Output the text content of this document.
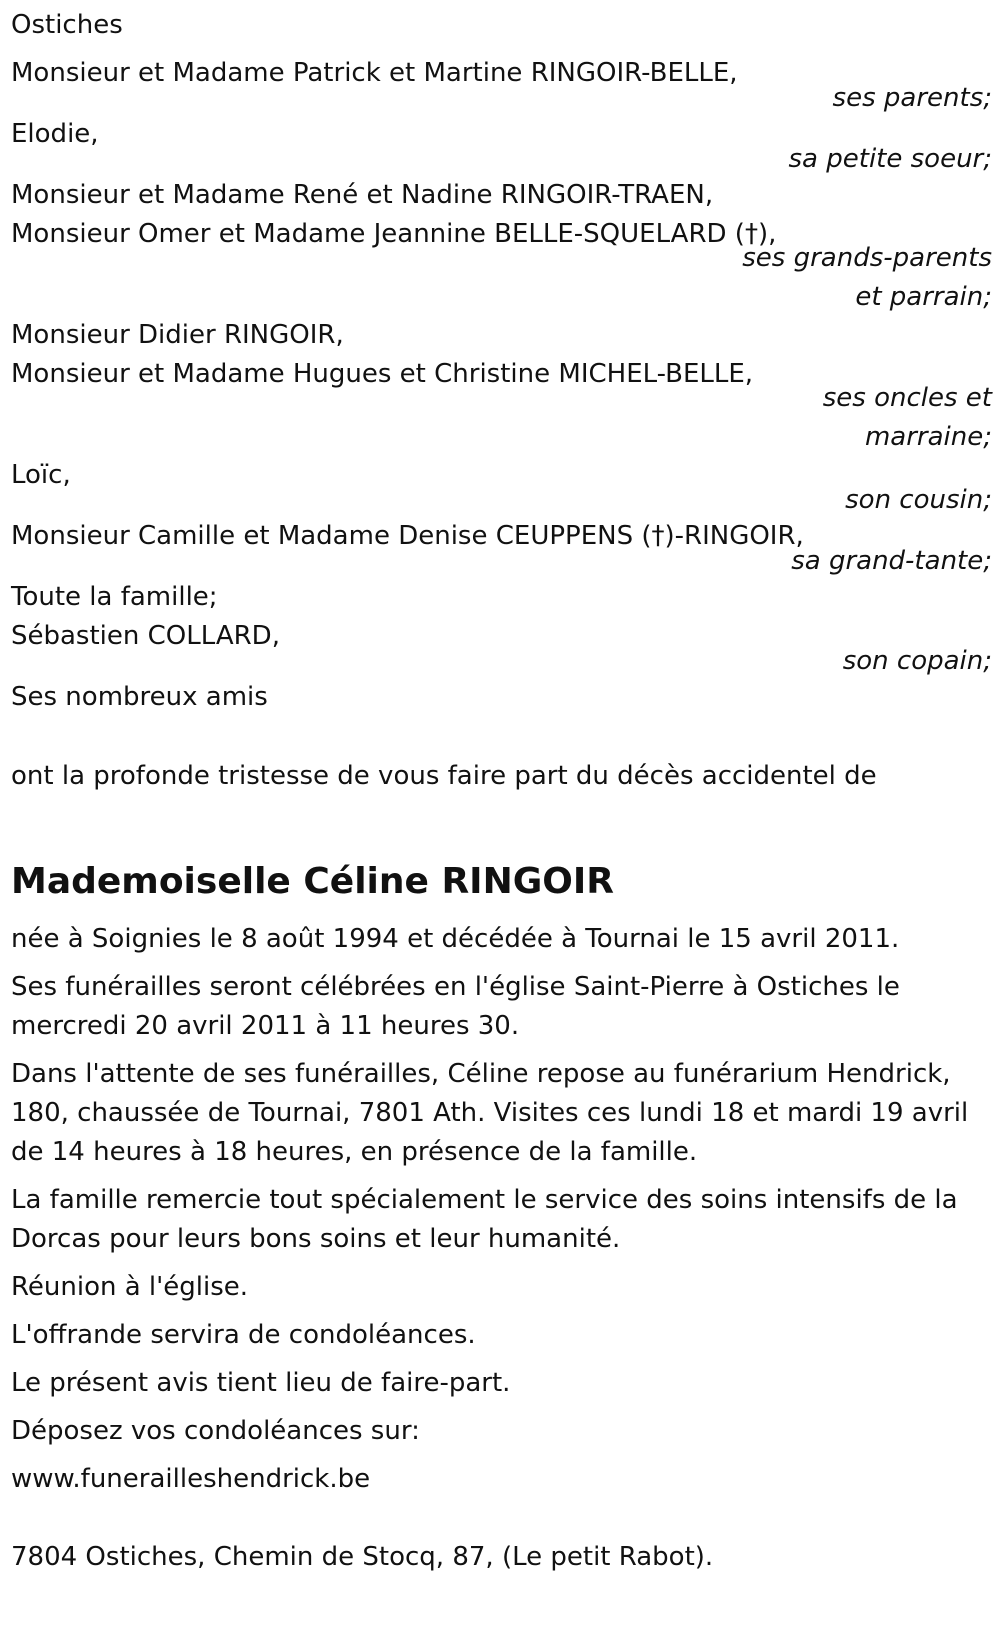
Ostiches
Monsieur et Madame Patrick et Martine RINGOIR-BELLE,
ses parents;
Elodie,
sa petite soeur;
Monsieur et Madame René et Nadine RINGOIR-TRAEN,
Monsieur Omer et Madame Jeannine BELLE-SQUELARD (†),
ses grands-parents
et parrain;
Monsieur Didier RINGOIR,
Monsieur et Madame Hugues et Christine MICHEL-BELLE,
ses oncles et
marraine;
Loïc,
son cousin;
Monsieur Camille et Madame Denise CEUPPENS (†)-RINGOIR,
sa grand-tante;
Toute la famille;
Sébastien COLLARD,
son copain;
Ses nombreux amis
ont la profonde tristesse de vous faire part du décès accidentel de
Mademoiselle Céline RINGOIR
née à Soignies le 8 août 1994 et décédée à Tournai le 15 avril 2011.
Ses funérailles seront célébrées en l'église Saint-Pierre à Ostiches le
mercredi 20 avril 2011 à 11 heures 30.
Dans l'attente de ses funérailles, Céline repose au funérarium Hendrick,
180, chaussée de Tournai, 7801 Ath. Visites ces lundi 18 et mardi 19 avril
de 14 heures à 18 heures, en présence de la famille.
La famille remercie tout spécialement le service des soins intensifs de la
Dorcas pour leurs bons soins et leur humanité.
Réunion à l'église.
L'offrande servira de condoléances.
Le présent avis tient lieu de faire-part.
Déposez vos condoléances sur:
www.funerailleshendrick.be
7804 Ostiches, Chemin de Stocq, 87, (Le petit Rabot).
